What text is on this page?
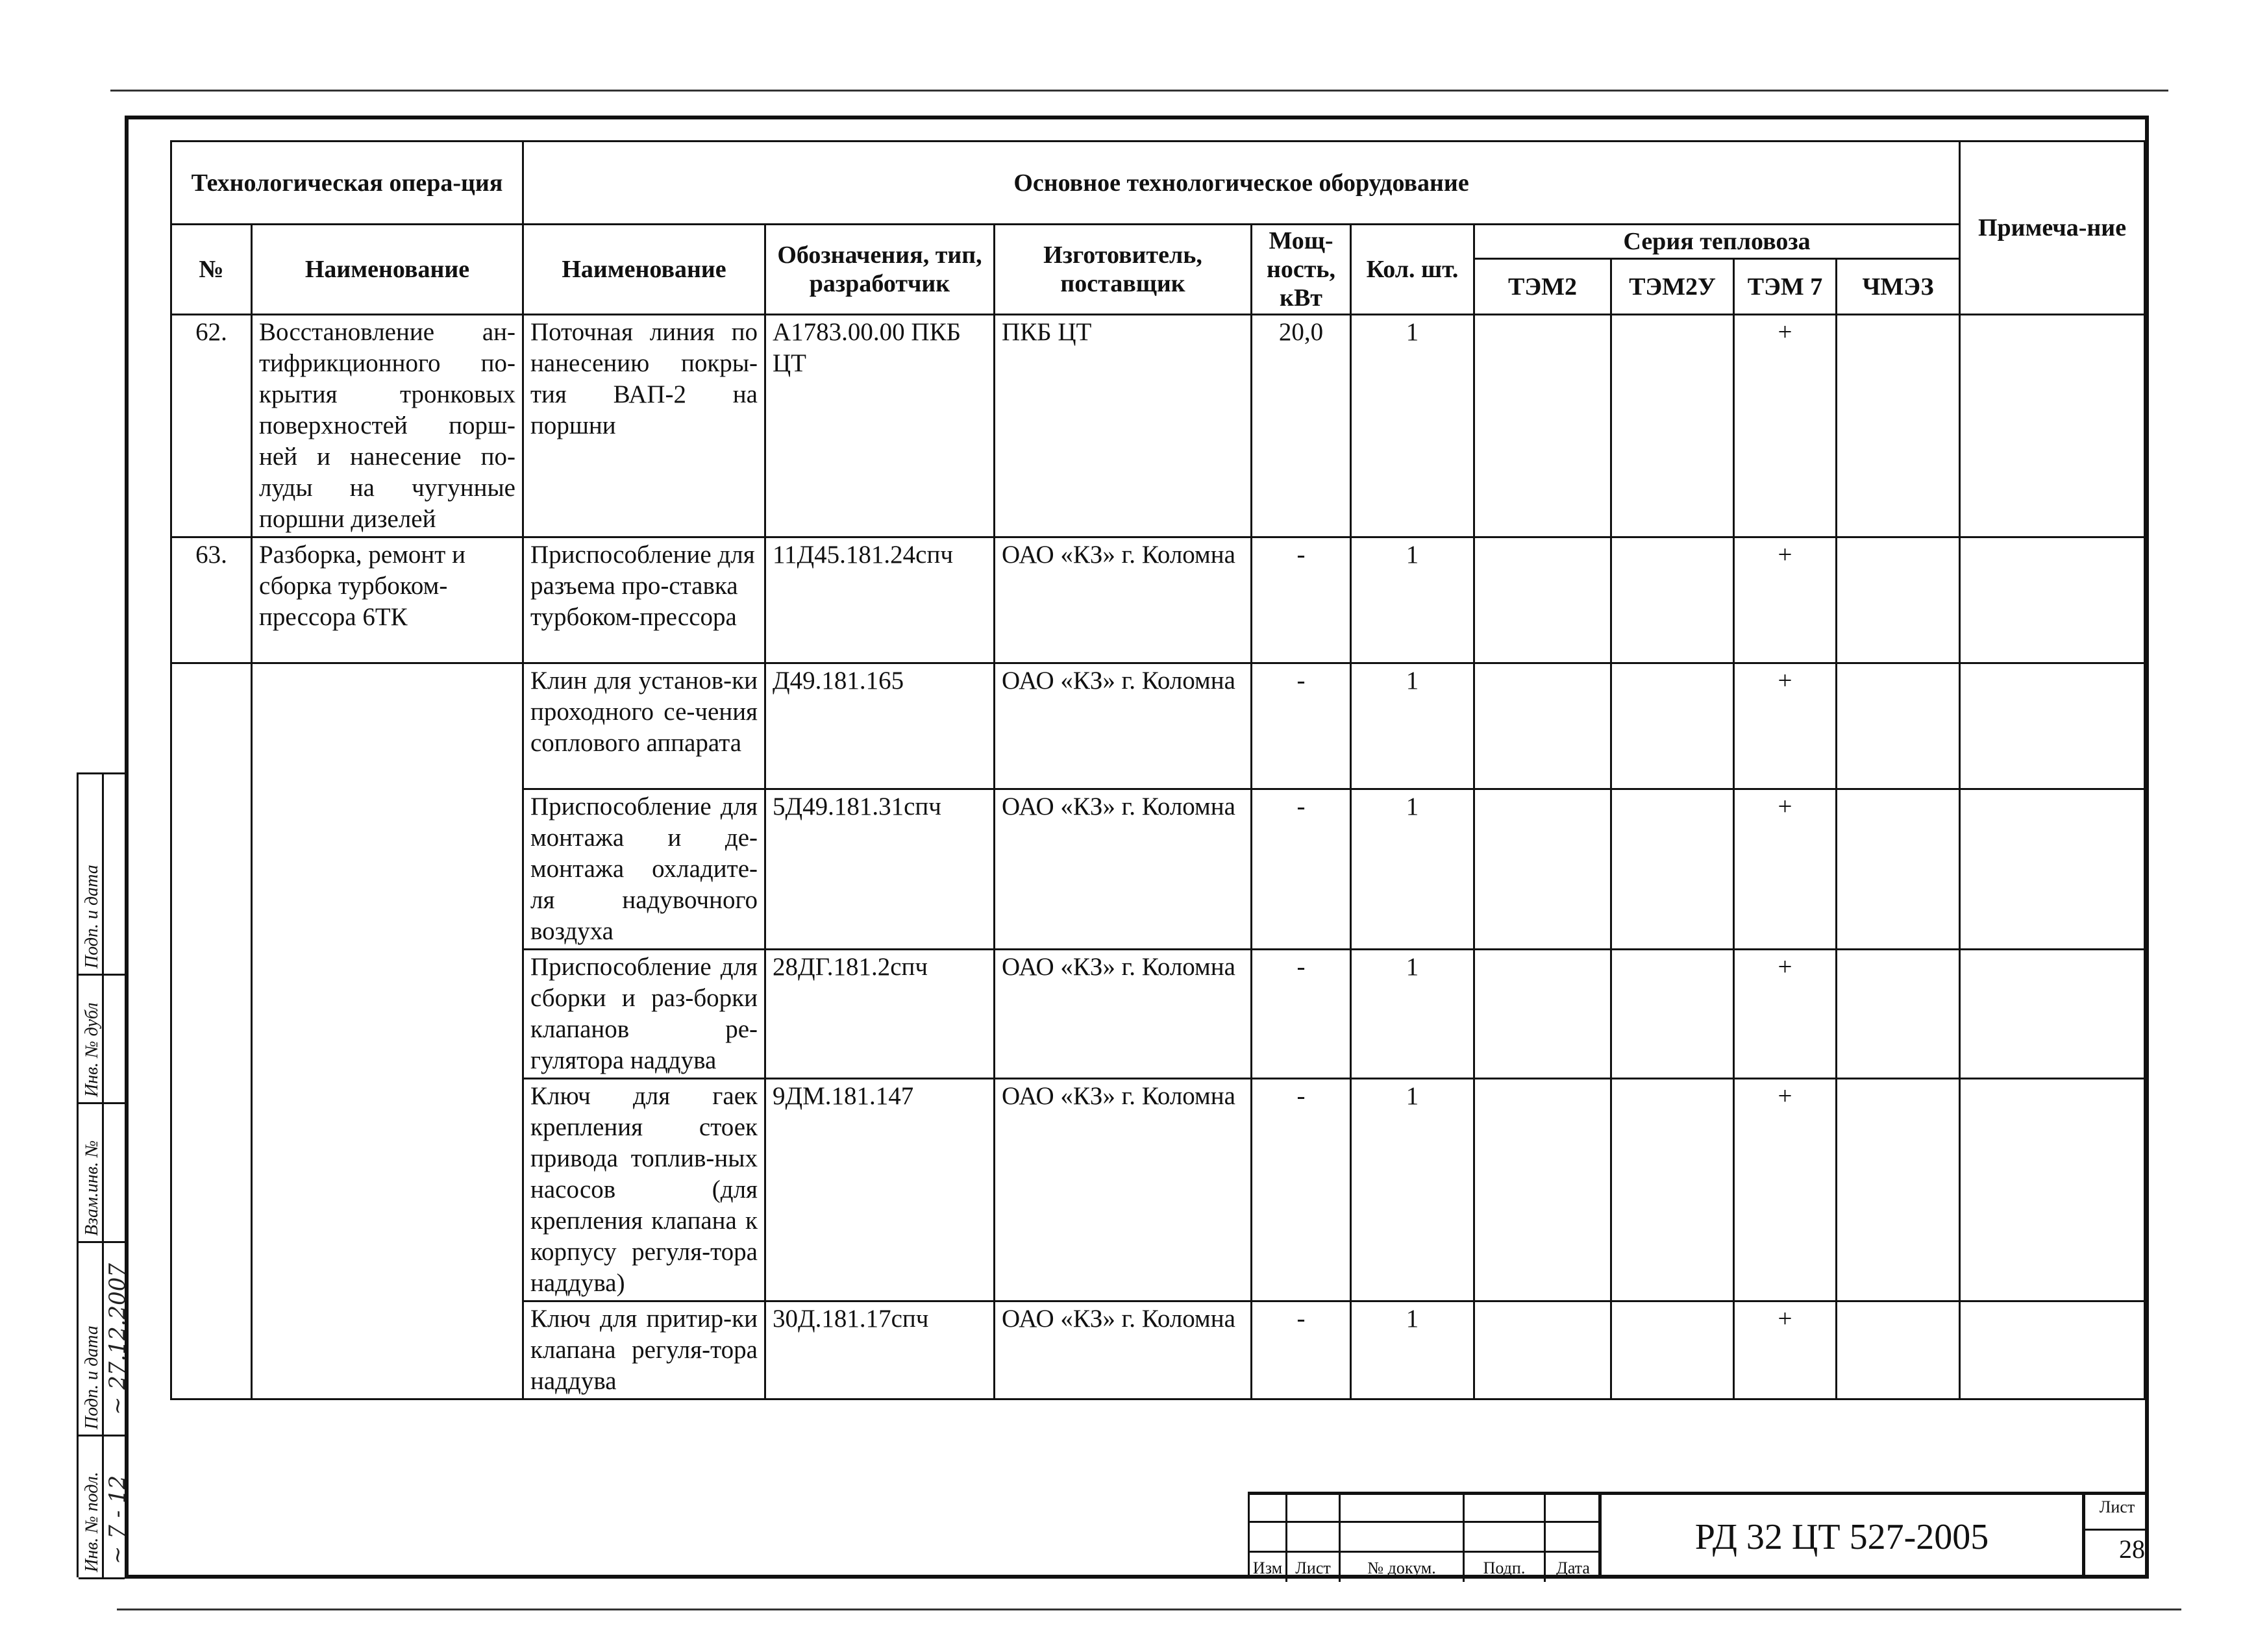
Технологическая опера-ция		Основное технологическое оборудование									Примеча-ние
№	Наименование	Наименование	Обозначения, тип, разработчик	Изготовитель, поставщик	Мощ-ность, кВт	Кол. шт.	Серия тепловоза				
							ТЭМ2	ТЭМ2У	ТЭМ 7	ЧМЭЗ	
62.	Восстановление ан-тифрикционного по-крытия тронковых поверхностей порш-ней и нанесение по-луды на чугунные поршни дизелей	Поточная линия по нанесению покры-тия ВАП-2 на поршни	А1783.00.00 ПКБ ЦТ	ПКБ ЦТ	20,0	1			+		
63.	Разборка, ремонт и сборка турбоком-прессора 6ТК	Приспособление для разъема про-ставка турбоком-прессора	11Д45.181.24спч	ОАО «КЗ» г. Коломна	-	1			+		
		Клин для установ-ки проходного се-чения соплового аппарата	Д49.181.165	ОАО «КЗ» г. Коломна	-	1			+		
		Приспособление для монтажа и де-монтажа охладите-ля надувочного воздуха	5Д49.181.31спч	ОАО «КЗ» г. Коломна	-	1			+		
		Приспособление для сборки и раз-борки клапанов ре-гулятора наддува	28ДГ.181.2спч	ОАО «КЗ» г. Коломна	-	1			+		
		Ключ для гаек крепления стоек привода топлив-ных насосов (для крепления клапана к корпусу регуля-тора наддува)	9ДМ.181.147	ОАО «КЗ» г. Коломна	-	1			+		
		Ключ для притир-ки клапана регуля-тора наддува	30Д.181.17спч	ОАО «КЗ» г. Коломна	-	1			+		
Подп. и дата
Инв. № дубл
Взам.инв. №
Подп. и дата ~ 27.12.2007
Инв. № подл. ~ 7 - 12
Изм Лист	№ докум.	Подп.	Дата
РД 32 ЦТ 527-2005
Лист
28
